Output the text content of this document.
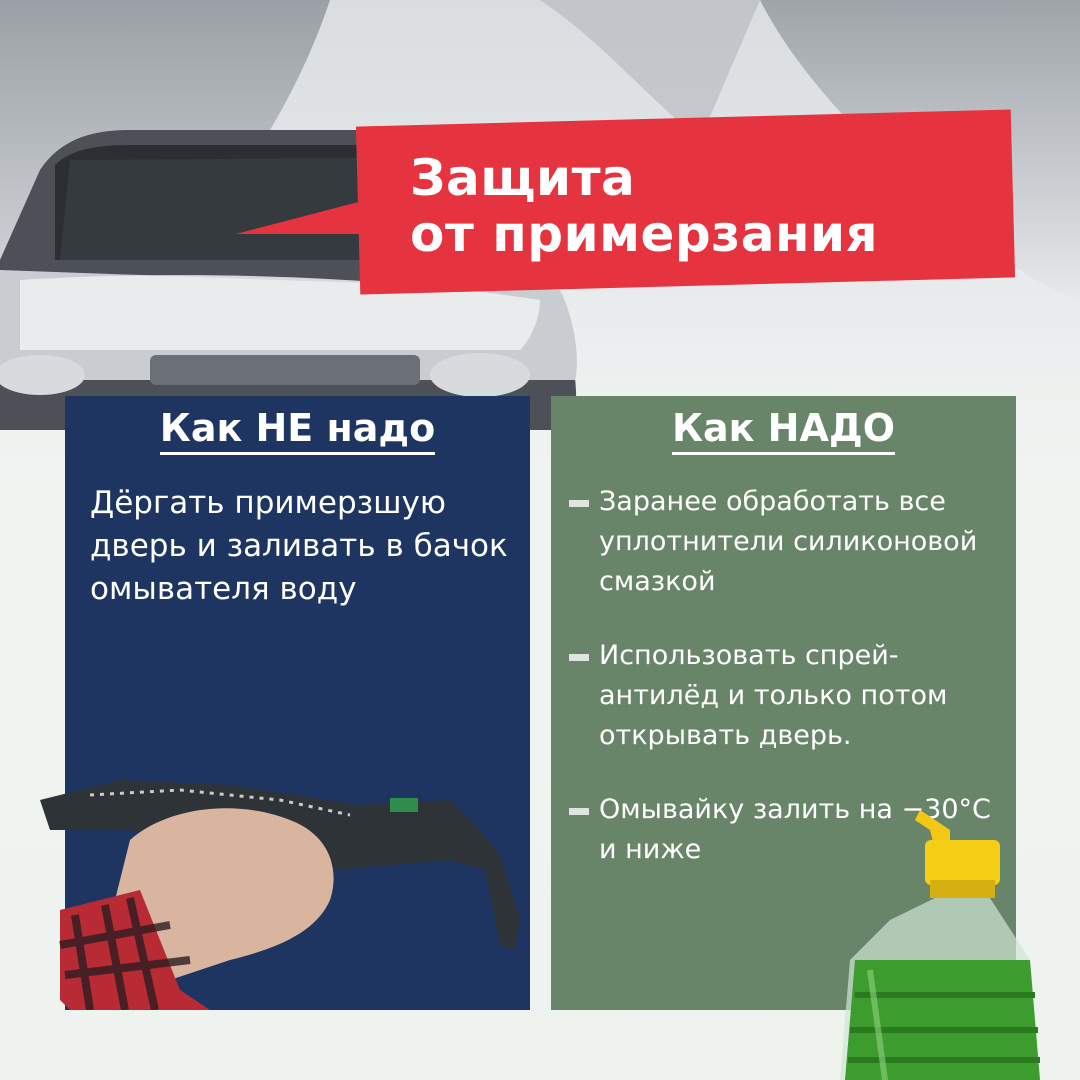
Защита
от примерзания
Как НЕ надо
Дёргать примерзшую дверь и заливать в бачок омывателя воду
Как НАДО
Заранее обработать все уплотнители силиконовой смазкой
Использовать спрей-антилёд и только потом открывать дверь.
Омывайку залить на −30°С и ниже
